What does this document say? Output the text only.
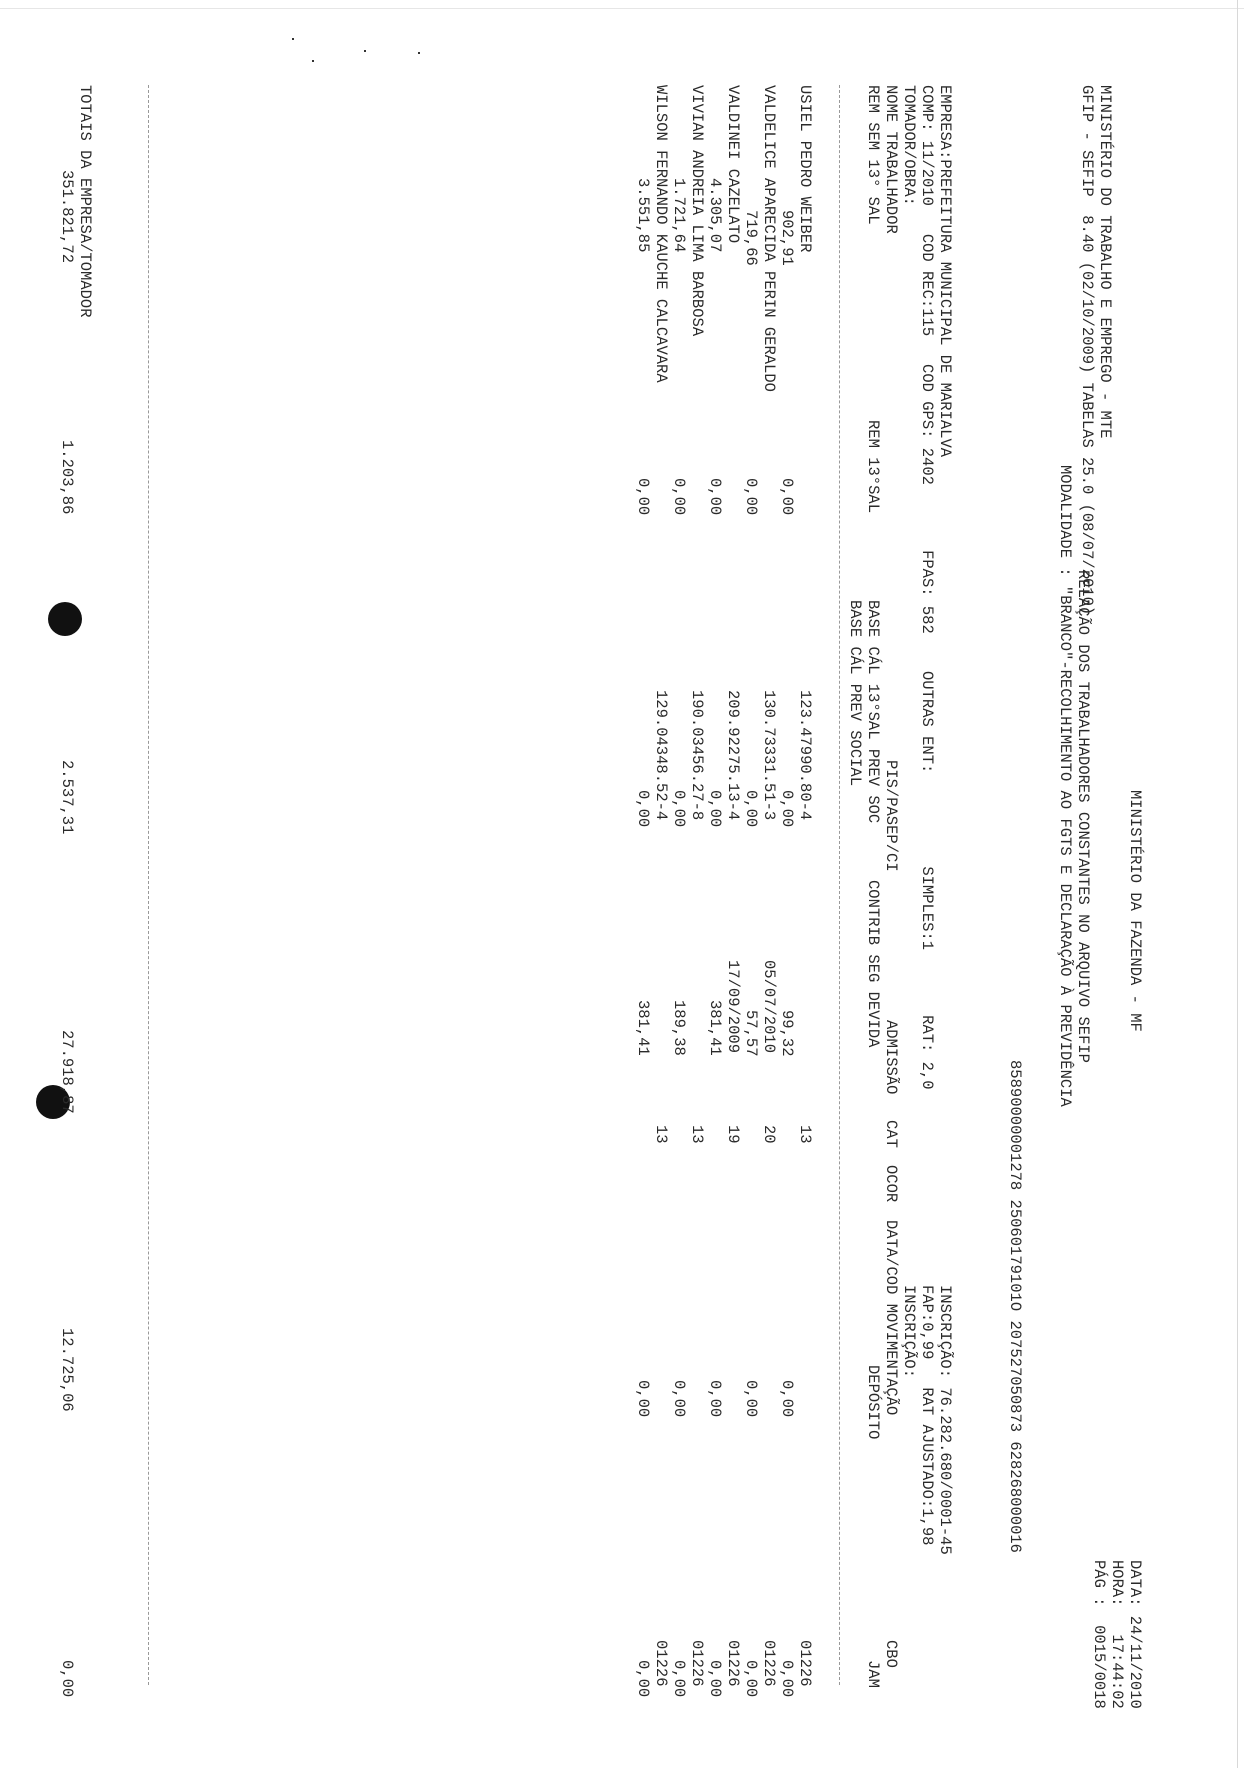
MINISTÉRIO DO TRABALHO E EMPREGO - MTE
GFIP - SEFIP  8.40 (02/10/2009) TABELAS 25.0 (08/07/2010)
MINISTÉRIO DA FAZENDA - MF
DATA: 24/11/2010
HORA:   17:44:02
PÁG :  0015/0018
RELAÇÃO DOS TRABALHADORES CONSTANTES NO ARQUIVO SEFIP
MODALIDADE : "BRANCO"-RECOLHIMENTO AO FGTS E DECLARAÇÃO À PREVIDÊNCIA
85890000001278 25060179101O 207527050873 628268000016
EMPRESA:PREFEITURA MUNICIPAL DE MARIALVA
INSCRIÇÃO: 76.282.680/0001-45
COMP: 11/2010   COD REC:115   COD GPS: 2402       FPAS: 582    OUTRAS ENT:          SIMPLES:1       RAT: 2,0
FAP:0,99   RAT AJUSTADO:1,98
TOMADOR/OBRA:
INSCRIÇÃO:
NOME TRABALHADOR
PIS/PASEP/CI
ADMISSÃO
CAT
OCOR
DATA/COD MOVIMENTAÇÃO
CBO
REM SEM 13° SAL
REM 13°SAL
BASE CÁL 13°SAL PREV SOC
CONTRIB SEG DEVIDA
DEPÓSITO
JAM
BASE CÁL PREV SOCIAL
USIEL PEDRO WEIBER
123.47990.80-4
13
01226
902,91
0,00
0,00
99,32
0,00
0,00
VALDELICE APARECIDA PERIN GERALDO
130.73331.51-3
05/07/2010
20
01226
719,66
0,00
0,00
57,57
0,00
0,00
VALDINEI CAZELATO
209.92275.13-4
17/09/2009
19
01226
4.305,07
0,00
0,00
381,41
0,00
0,00
VIVIAN ANDREIA LIMA BARBOSA
190.03456.27-8
13
01226
1.721,64
0,00
0,00
189,38
0,00
0,00
WILSON FERNANDO KAUCHE CALCAVARA
129.04348.52-4
13
01226
3.551,85
0,00
0,00
381,41
0,00
0,00
TOTAIS DA EMPRESA/TOMADOR
351.821,72
1.203,86
2.537,31
27.918,87
12.725,06
0,00
